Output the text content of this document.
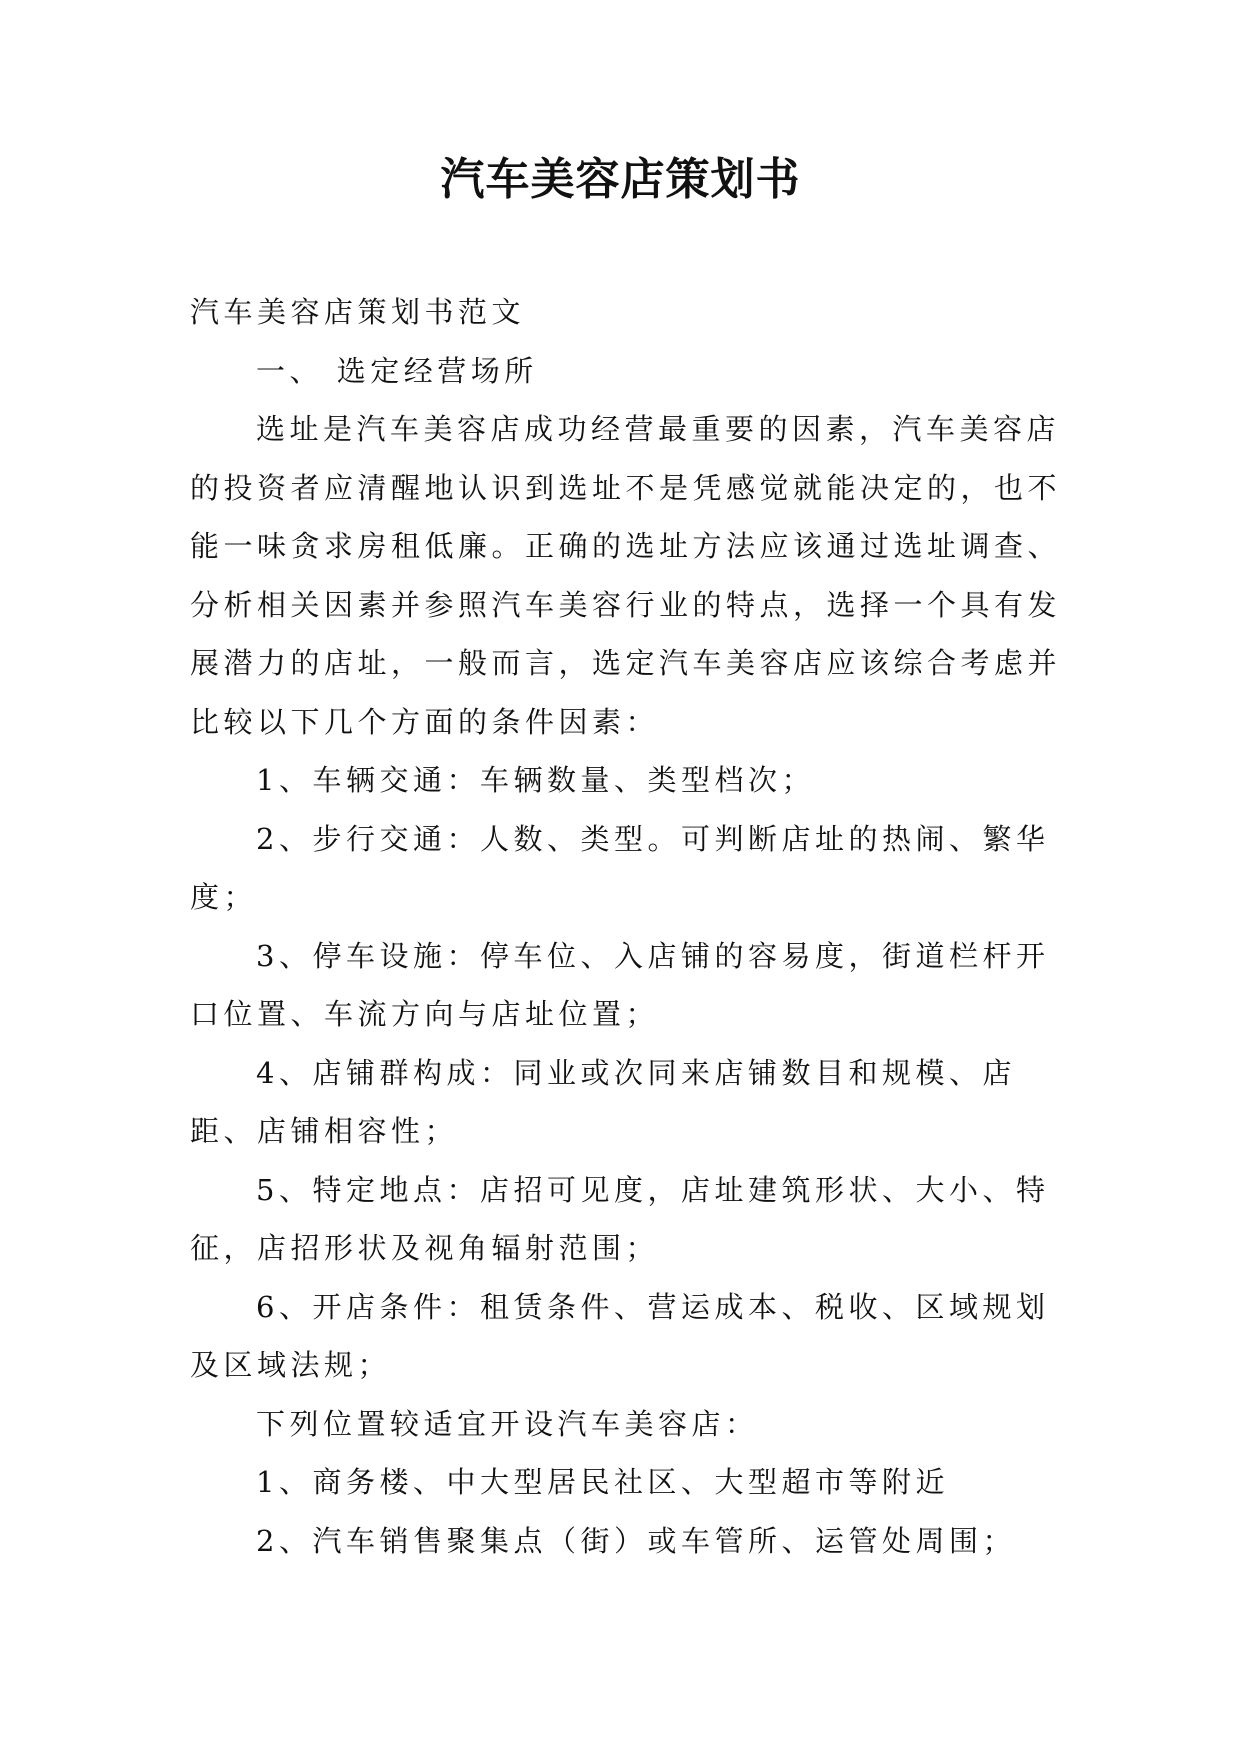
汽车美容店策划书

汽车美容店策划书范文

一、 选定经营场所

选址是汽车美容店成功经营最重要的因素，汽车美容店的投资者应清醒地认识到选址不是凭感觉就能决定的，也不能一味贪求房租低廉。正确的选址方法应该通过选址调查、分析相关因素并参照汽车美容行业的特点，选择一个具有发展潜力的店址，一般而言，选定汽车美容店应该综合考虑并比较以下几个方面的条件因素：

1、车辆交通：车辆数量、类型档次；

2、步行交通：人数、类型。可判断店址的热闹、繁华度；

3、停车设施：停车位、入店铺的容易度，街道栏杆开口位置、车流方向与店址位置；

4、店铺群构成：同业或次同来店铺数目和规模、店距、店铺相容性；

5、特定地点：店招可见度，店址建筑形状、大小、特征，店招形状及视角辐射范围；

6、开店条件：租赁条件、营运成本、税收、区域规划及区域法规；

下列位置较适宜开设汽车美容店：

1、商务楼、中大型居民社区、大型超市等附近

2、汽车销售聚集点（街）或车管所、运管处周围；
